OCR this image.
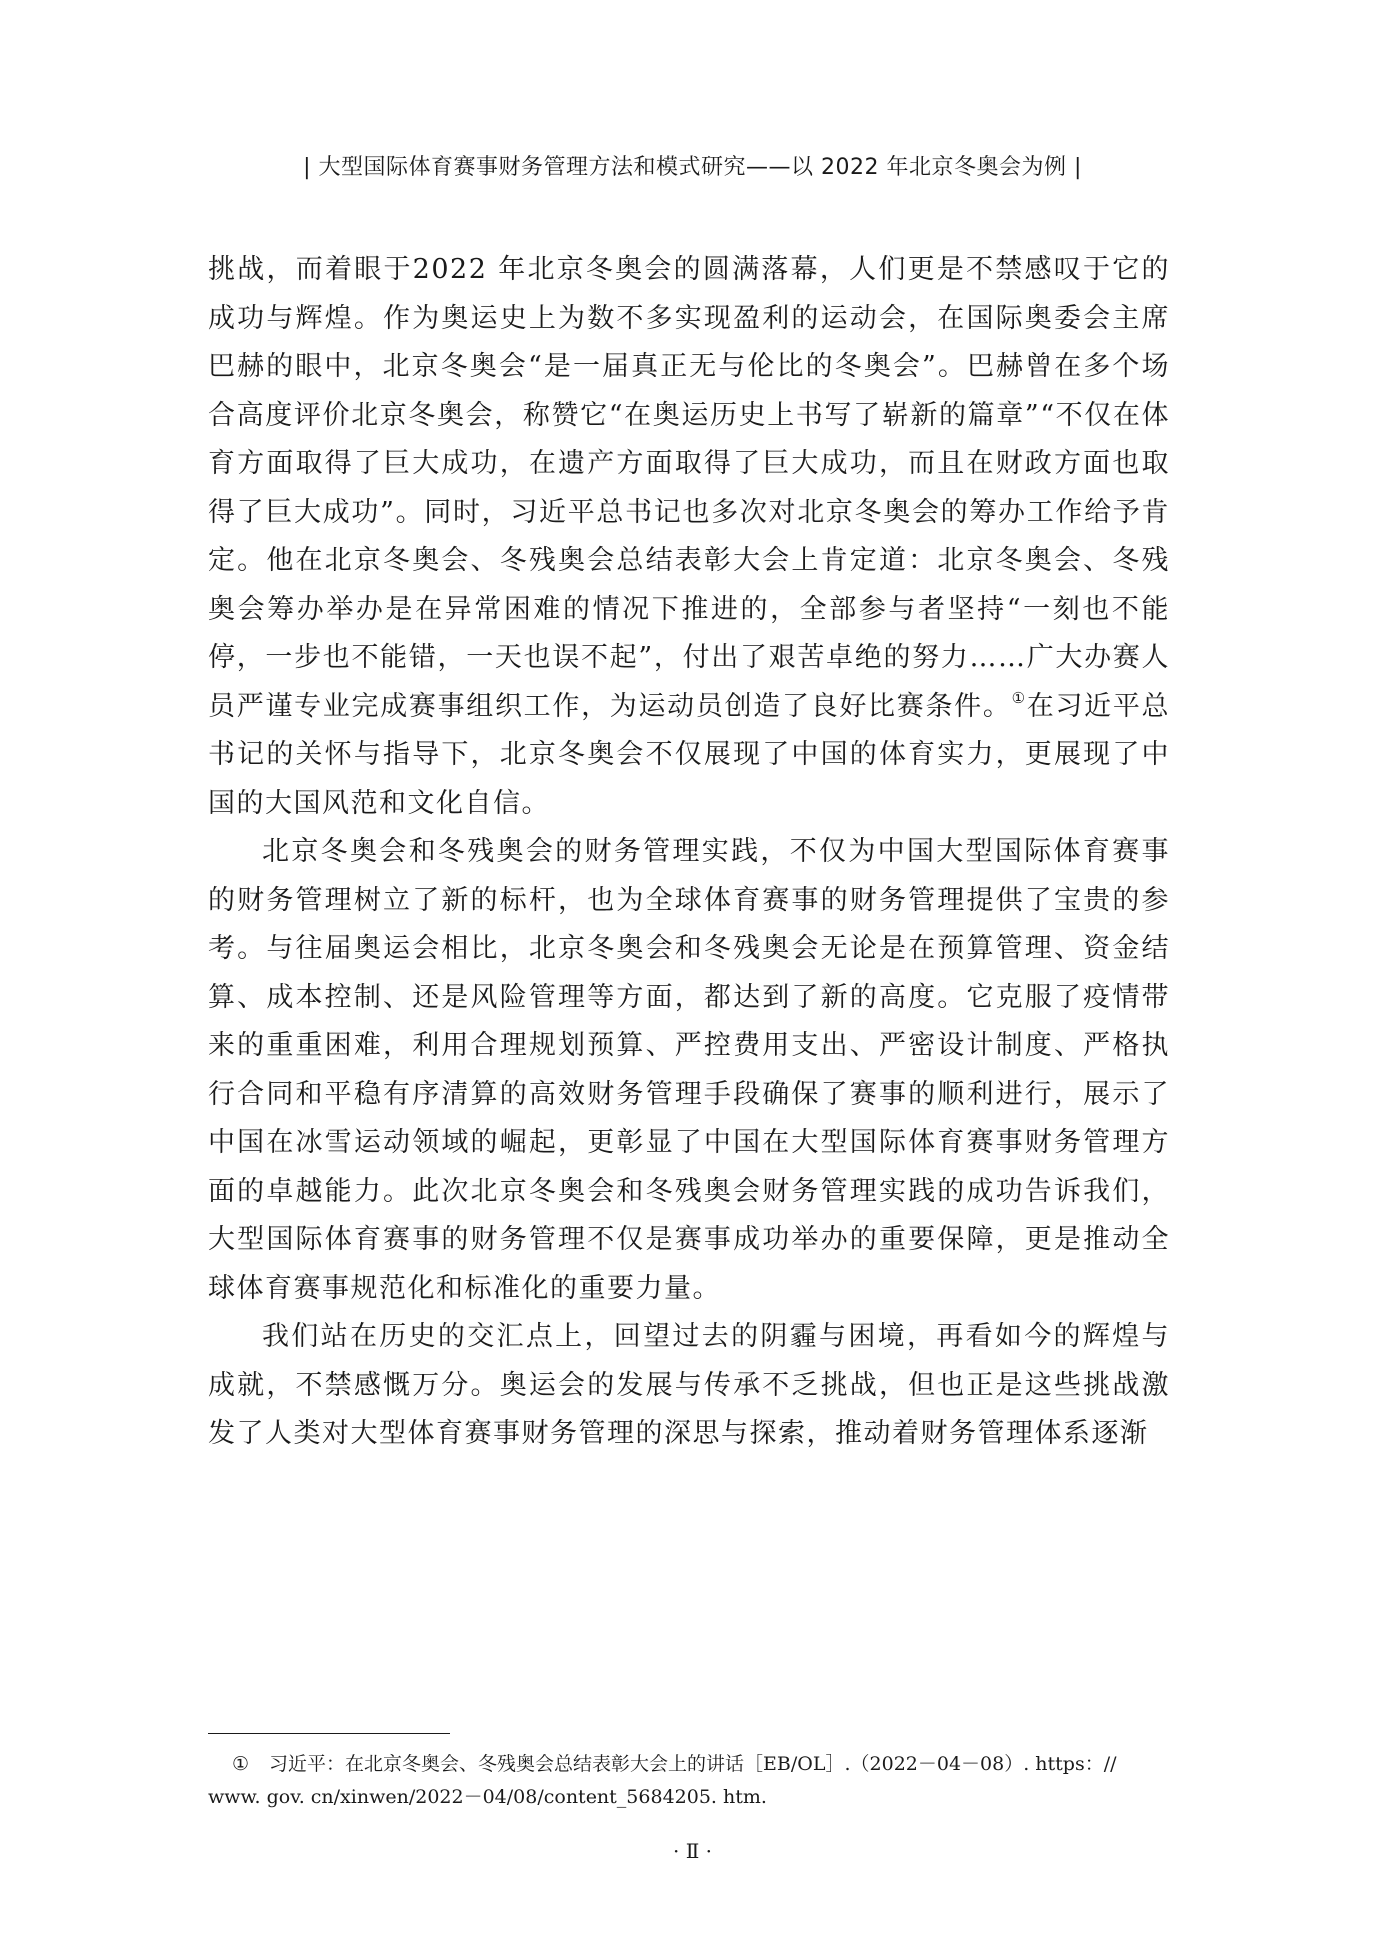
| 大型国际体育赛事财务管理方法和模式研究——以 2022 年北京冬奥会为例 |

挑战，而着眼于2022 年北京冬奥会的圆满落幕，人们更是不禁感叹于它的成功与辉煌。作为奥运史上为数不多实现盈利的运动会，在国际奥委会主席巴赫的眼中，北京冬奥会“是一届真正无与伦比的冬奥会”。巴赫曾在多个场合高度评价北京冬奥会，称赞它“在奥运历史上书写了崭新的篇章”“不仅在体育方面取得了巨大成功，在遗产方面取得了巨大成功，而且在财政方面也取得了巨大成功”。同时，习近平总书记也多次对北京冬奥会的筹办工作给予肯定。他在北京冬奥会、冬残奥会总结表彰大会上肯定道：北京冬奥会、冬残奥会筹办举办是在异常困难的情况下推进的，全部参与者坚持“一刻也不能停，一步也不能错，一天也误不起”，付出了艰苦卓绝的努力……广大办赛人员严谨专业完成赛事组织工作，为运动员创造了良好比赛条件。①在习近平总书记的关怀与指导下，北京冬奥会不仅展现了中国的体育实力，更展现了中国的大国风范和文化自信。

北京冬奥会和冬残奥会的财务管理实践，不仅为中国大型国际体育赛事的财务管理树立了新的标杆，也为全球体育赛事的财务管理提供了宝贵的参考。与往届奥运会相比，北京冬奥会和冬残奥会无论是在预算管理、资金结算、成本控制、还是风险管理等方面，都达到了新的高度。它克服了疫情带来的重重困难，利用合理规划预算、严控费用支出、严密设计制度、严格执行合同和平稳有序清算的高效财务管理手段确保了赛事的顺利进行，展示了中国在冰雪运动领域的崛起，更彰显了中国在大型国际体育赛事财务管理方面的卓越能力。此次北京冬奥会和冬残奥会财务管理实践的成功告诉我们，大型国际体育赛事的财务管理不仅是赛事成功举办的重要保障，更是推动全球体育赛事规范化和标准化的重要力量。

我们站在历史的交汇点上，回望过去的阴霾与困境，再看如今的辉煌与成就，不禁感慨万分。奥运会的发展与传承不乏挑战，但也正是这些挑战激发了人类对大型体育赛事财务管理的深思与探索，推动着财务管理体系逐渐

① 习近平：在北京冬奥会、冬残奥会总结表彰大会上的讲话［EB/OL］.（2022－04－08）. https：// www. gov. cn/xinwen/2022－04/08/content_5684205. htm.
· Ⅱ ·
